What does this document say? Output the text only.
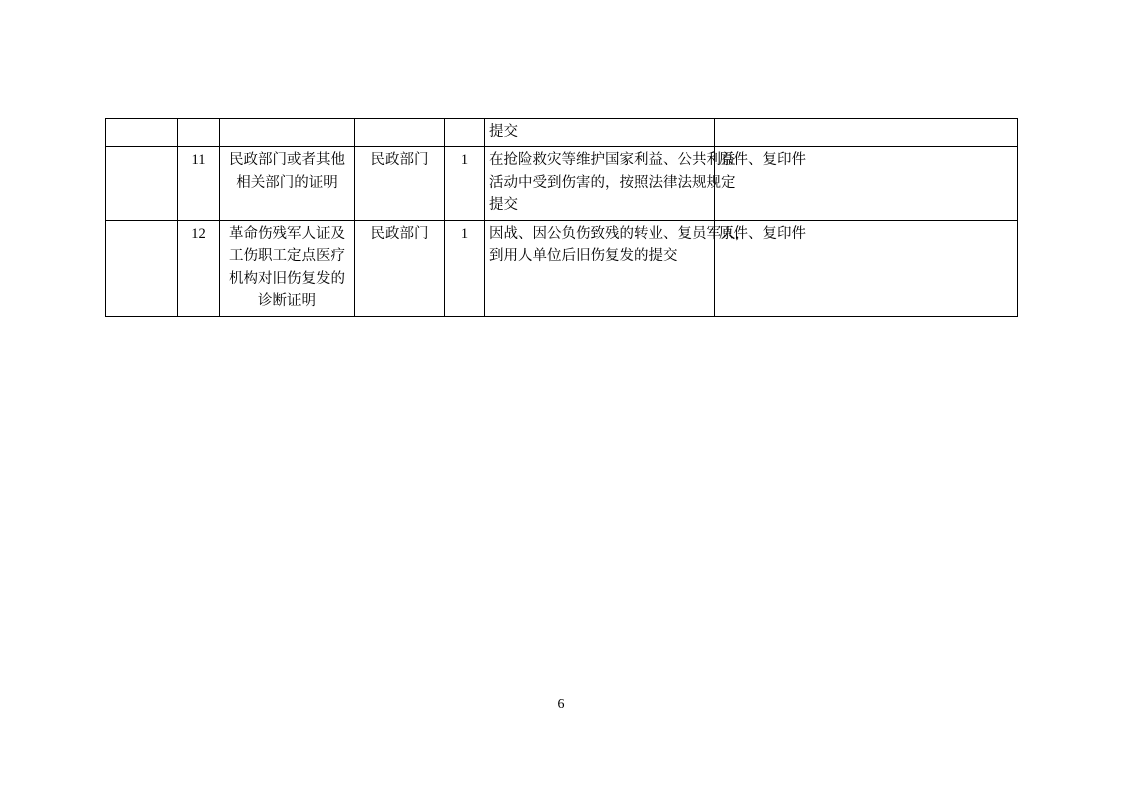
					提交	

	11	民政部门或者其他相关部门的证明	民政部门	1	在抢险救灾等维护国家利益、公共利益
活动中受到伤害的，按照法律法规规定
提交	原件、复印件
	12	革命伤残军人证及工伤职工定点医疗机构对旧伤复发的诊断证明	民政部门	1	因战、因公负伤致残的转业、复员军人,
到用人单位后旧伤复发的提交	原件、复印件
6
